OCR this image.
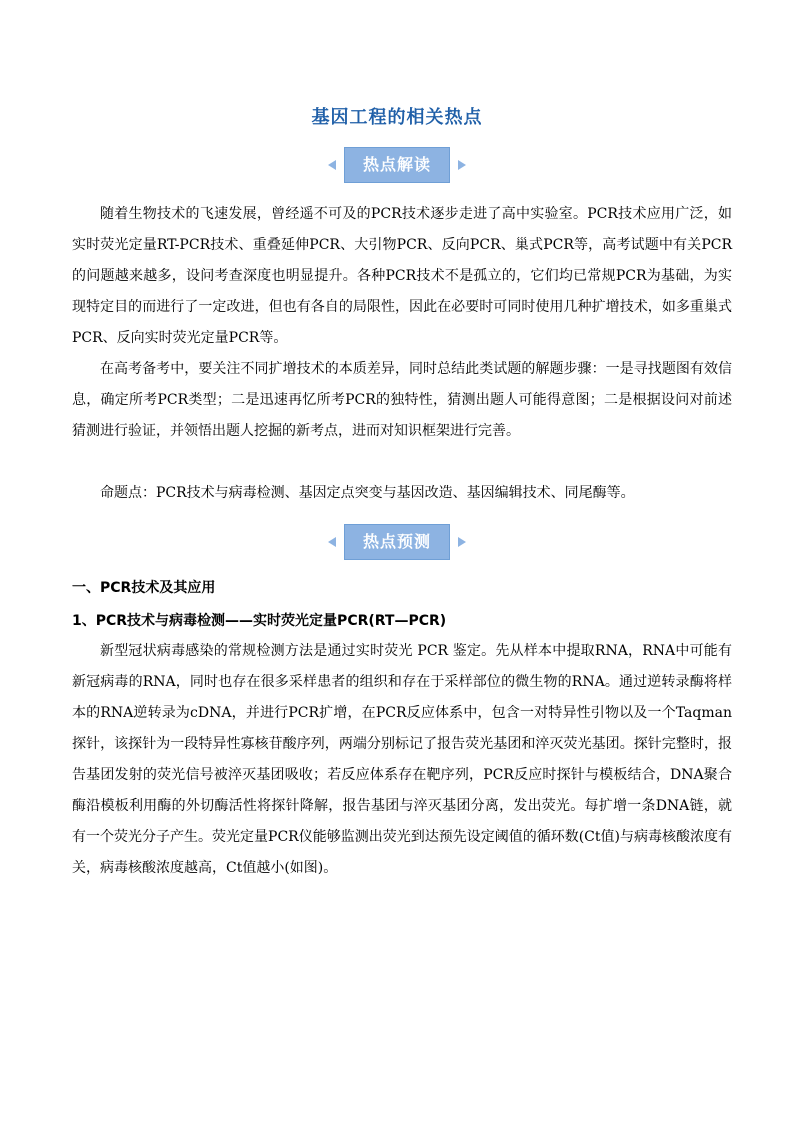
基因工程的相关热点
热点解读

随着生物技术的飞速发展，曾经遥不可及的PCR技术逐步走进了高中实验室。PCR技术应用广泛，如实时荧光定量RT-PCR技术、重叠延伸PCR、大引物PCR、反向PCR、巢式PCR等，高考试题中有关PCR的问题越来越多，设问考查深度也明显提升。各种PCR技术不是孤立的，它们均已常规PCR为基础，为实现特定目的而进行了一定改进，但也有各自的局限性，因此在必要时可同时使用几种扩增技术，如多重巢式PCR、反向实时荧光定量PCR等。

在高考备考中，要关注不同扩增技术的本质差异，同时总结此类试题的解题步骤：一是寻找题图有效信息，确定所考PCR类型；二是迅速再忆所考PCR的独特性，猜测出题人可能得意图；二是根据设问对前述猜测进行验证，并领悟出题人挖掘的新考点，进而对知识框架进行完善。

命题点：PCR技术与病毒检测、基因定点突变与基因改造、基因编辑技术、同尾酶等。

热点预测
一、PCR技术及其应用
1、PCR技术与病毒检测——实时荧光定量PCR(RT—PCR)

新型冠状病毒感染的常规检测方法是通过实时荧光 PCR 鉴定。先从样本中提取RNA，RNA中可能有新冠病毒的RNA，同时也存在很多采样患者的组织和存在于采样部位的微生物的RNA。通过逆转录酶将样本的RNA逆转录为cDNA，并进行PCR扩增，在PCR反应体系中，包含一对特异性引物以及一个Taqman探针，该探针为一段特异性寡核苷酸序列，两端分别标记了报告荧光基团和淬灭荧光基团。探针完整时，报告基团发射的荧光信号被淬灭基团吸收；若反应体系存在靶序列，PCR反应时探针与模板结合，DNA聚合酶沿模板利用酶的外切酶活性将探针降解，报告基团与淬灭基团分离，发出荧光。每扩增一条DNA链，就有一个荧光分子产生。荧光定量PCR仪能够监测出荧光到达预先设定阈值的循环数(Ct值)与病毒核酸浓度有关，病毒核酸浓度越高，Ct值越小(如图)。
